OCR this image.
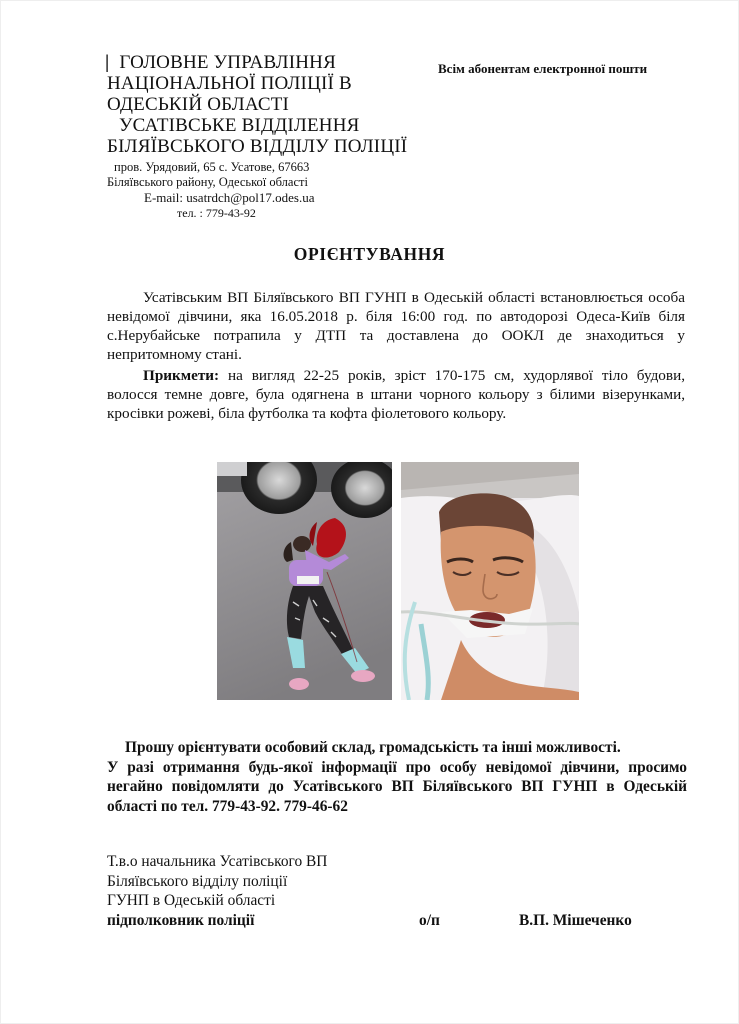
| ГОЛОВНЕ УПРАВЛІННЯ
НАЦІОНАЛЬНОЇ ПОЛІЦІЇ В
ОДЕСЬКІЙ ОБЛАСТІ
УСАТІВСЬКЕ ВІДДІЛЕННЯ
БІЛЯЇВСЬКОГО ВІДДІЛУ ПОЛІЦІЇ
пров. Урядовий, 65 с. Усатове, 67663
Біляївського району, Одеської області
E-mail: usatrdch@pol17.odes.ua
тел. : 779-43-92
Всім абонентам електронної пошти
ОРІЄНТУВАННЯ
Усатівським ВП Біляївського ВП ГУНП в Одеській області встановлюється особа невідомої дівчини, яка 16.05.2018 р. біля 16:00 год. по автодорозі Одеса-Київ біля с.Нерубайське потрапила у ДТП та доставлена до ООКЛ де знаходиться у непритомному стані.
Прикмети: на вигляд 22-25 років, зріст 170-175 см, худорлявої тіло будови, волосся темне довге, була одягнена в штани чорного кольору з білими візерунками, кросівки рожеві, біла футболка та кофта фіолетового кольору.
Прошу орієнтувати особовий склад, громадськість та інші можливості.
У разі отримання будь-якої інформації про особу невідомої дівчини, просимо негайно повідомляти до Усатівського ВП Біляївського ВП ГУНП в Одеській області по тел. 779-43-92. 779-46-62
Т.в.о начальника Усатівського ВП
Біляївського відділу поліції
ГУНП в Одеській області
підполковник поліції	о/п	В.П. Мішеченко
